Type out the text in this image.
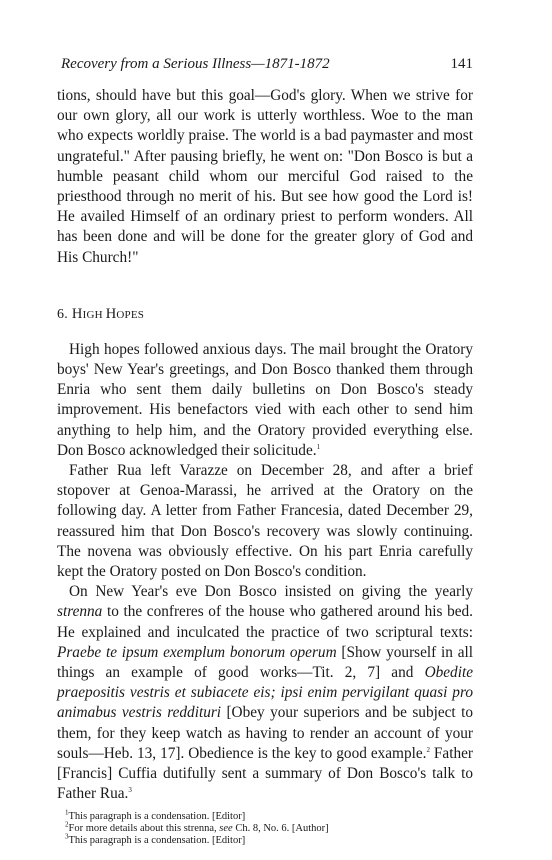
Recovery from a Serious Illness—1871-1872	141

tions, should have but this goal—God's glory. When we strive for our own glory, all our work is utterly worthless. Woe to the man who expects worldly praise. The world is a bad paymaster and most ungrateful." After pausing briefly, he went on: "Don Bosco is but a humble peasant child whom our merciful God raised to the priesthood through no merit of his. But see how good the Lord is! He availed Himself of an ordinary priest to perform wonders. All has been done and will be done for the greater glory of God and His Church!"

6. HIGH HOPES

High hopes followed anxious days. The mail brought the Oratory boys' New Year's greetings, and Don Bosco thanked them through Enria who sent them daily bulletins on Don Bosco's steady improvement. His benefactors vied with each other to send him anything to help him, and the Oratory provided everything else. Don Bosco acknowledged their solicitude.$^1$

Father Rua left Varazze on December 28, and after a brief stopover at Genoa-Marassi, he arrived at the Oratory on the following day. A letter from Father Francesia, dated December 29, reassured him that Don Bosco's recovery was slowly continuing. The novena was obviously effective. On his part Enria carefully kept the Oratory posted on Don Bosco's condition.

On New Year's eve Don Bosco insisted on giving the yearly strenna to the confreres of the house who gathered around his bed. He explained and inculcated the practice of two scriptural texts: Praebe te ipsum exemplum bonorum operum [Show yourself in all things an example of good works—Tit. 2, 7] and Obedite praepositis vestris et subiacete eis; ipsi enim pervigilant quasi pro animabus vestris reddituri [Obey your superiors and be subject to them, for they keep watch as having to render an account of your souls—Heb. 13, 17]. Obedience is the key to good example.$^2$ Father [Francis] Cuffia dutifully sent a summary of Don Bosco's talk to Father Rua.$^3$

$^1$This paragraph is a condensation. [Editor]
$^2$For more details about this strenna, see Ch. 8, No. 6. [Author]
$^3$This paragraph is a condensation. [Editor]
